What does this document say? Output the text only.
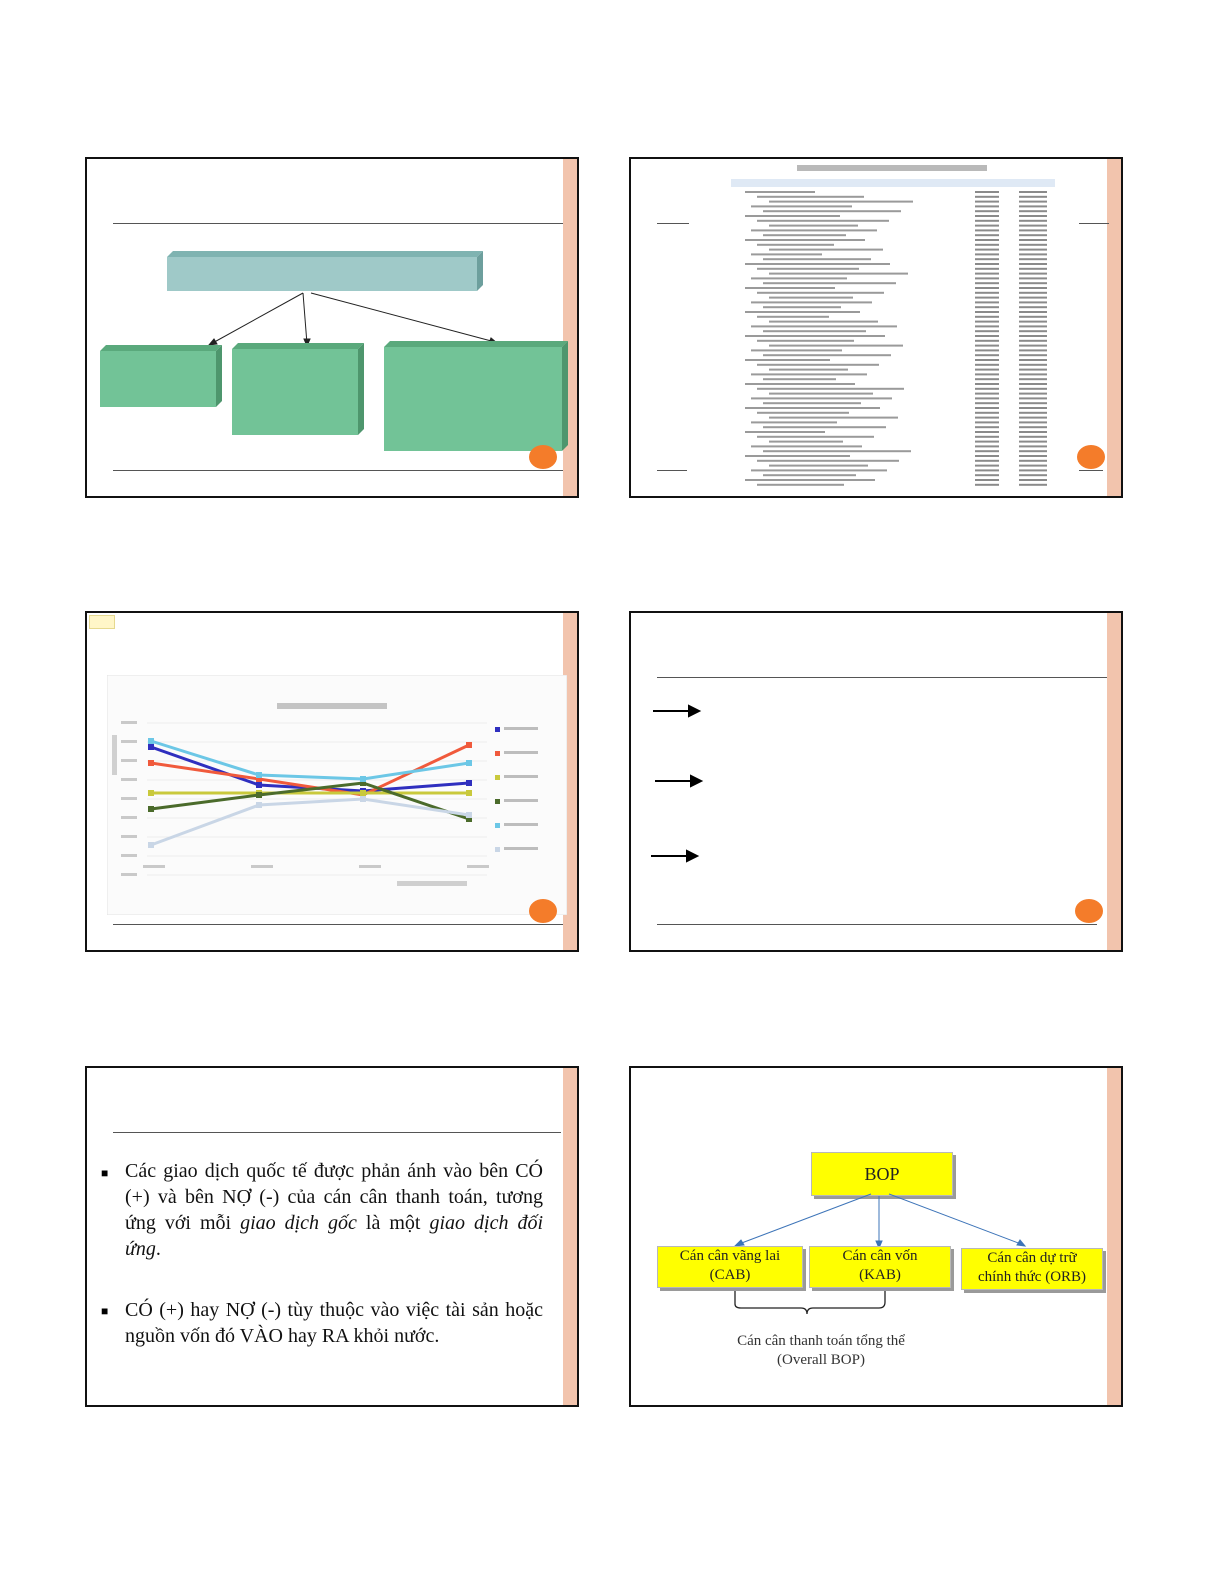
■ Các giao dịch quốc tế được phản ánh vào bên CÓ (+) và bên NỢ (-) của cán cân thanh toán, tương ứng với mỗi giao dịch gốc là một giao dịch đối ứng.
■ CÓ (+) hay NỢ (-) tùy thuộc vào việc tài sản hoặc nguồn vốn đó VÀO hay RA khỏi nước.
BOP
Cán cân vãng lai
(CAB)
Cán cân vốn
(KAB)
Cán cân dự trữ
chính thức (ORB)
Cán cân thanh toán tổng thể
(Overall BOP)
